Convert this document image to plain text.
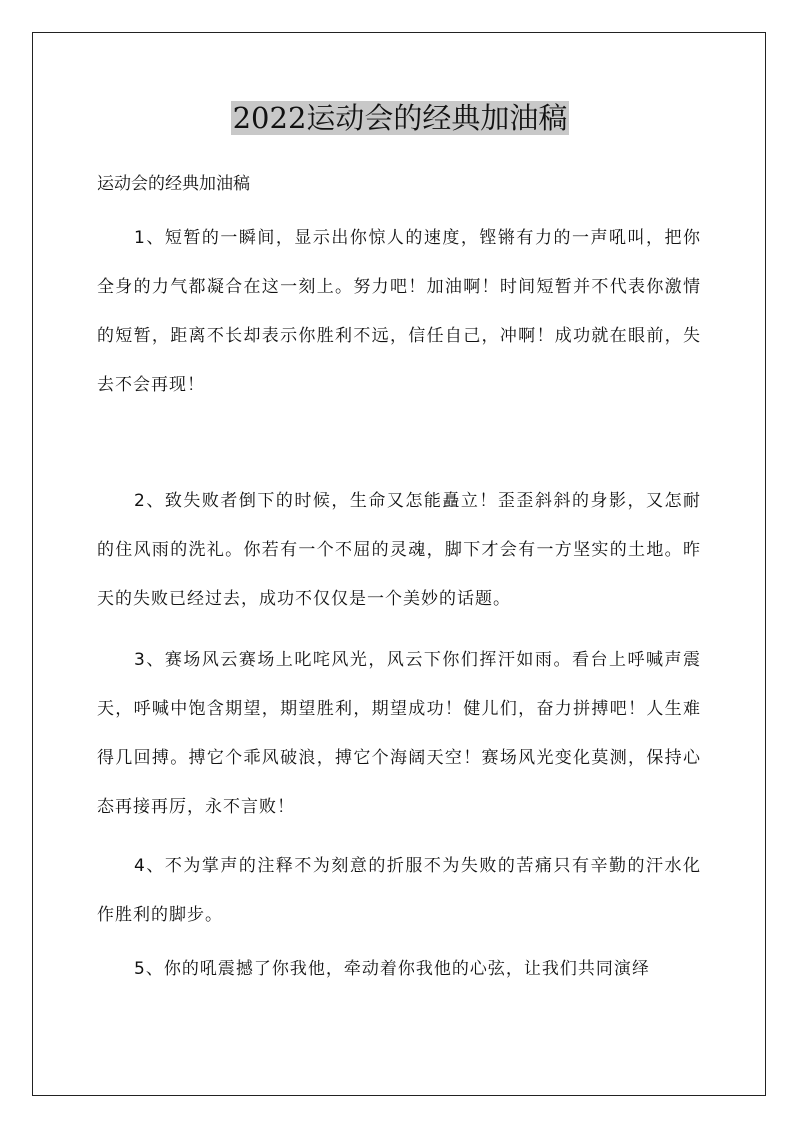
2022运动会的经典加油稿
运动会的经典加油稿

1、短暂的一瞬间，显示出你惊人的速度，铿锵有力的一声吼叫，把你全身的力气都凝合在这一刻上。努力吧！加油啊！时间短暂并不代表你激情的短暂，距离不长却表示你胜利不远，信任自己，冲啊！成功就在眼前，失去不会再现！

2、致失败者倒下的时候，生命又怎能矗立！歪歪斜斜的身影，又怎耐的住风雨的洗礼。你若有一个不屈的灵魂，脚下才会有一方坚实的土地。昨天的失败已经过去，成功不仅仅是一个美妙的话题。

3、赛场风云赛场上叱咤风光，风云下你们挥汗如雨。看台上呼喊声震天，呼喊中饱含期望，期望胜利，期望成功！健儿们，奋力拼搏吧！人生难得几回搏。搏它个乖风破浪，搏它个海阔天空！赛场风光变化莫测，保持心态再接再厉，永不言败！

4、不为掌声的注释不为刻意的折服不为失败的苦痛只有辛勤的汗水化作胜利的脚步。

5、你的吼震撼了你我他，牵动着你我他的心弦，让我们共同演绎
